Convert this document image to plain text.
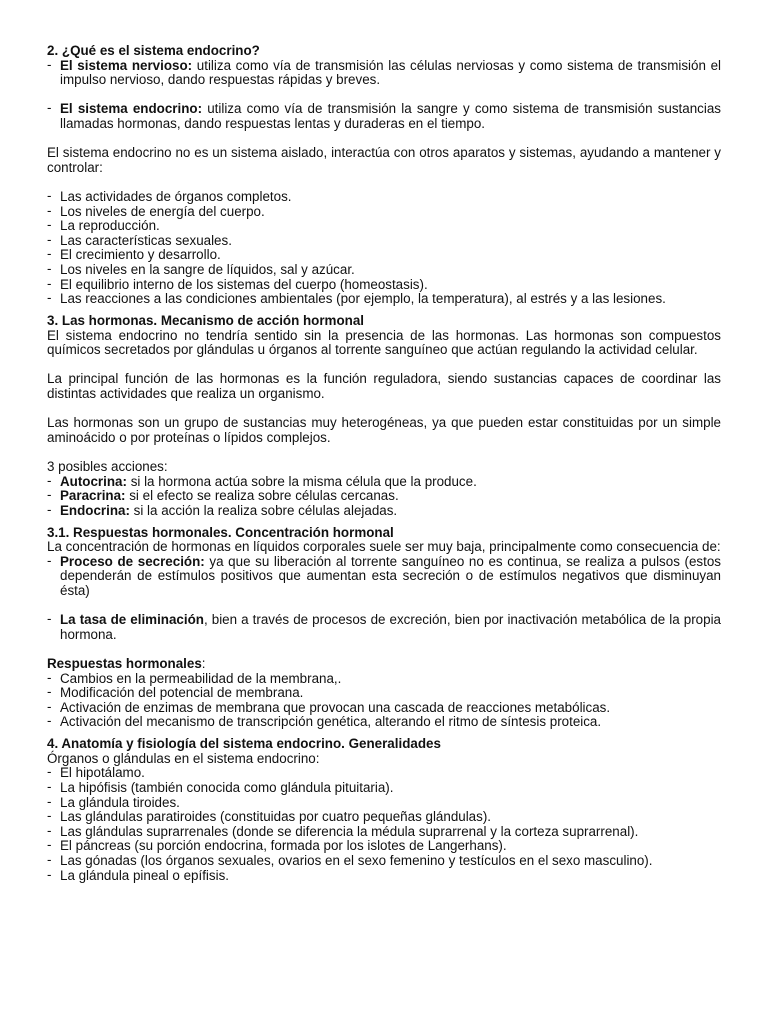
2. ¿Qué es el sistema endocrino?

- El sistema nervioso: utiliza como vía de transmisión las células nerviosas y como sistema de transmisión el impulso nervioso, dando respuestas rápidas y breves.
- El sistema endocrino: utiliza como vía de transmisión la sangre y como sistema de transmisión sustancias llamadas hormonas, dando respuestas lentas y duraderas en el tiempo.

El sistema endocrino no es un sistema aislado, interactúa con otros aparatos y sistemas, ayudando a mantener y controlar:

- Las actividades de órganos completos.
- Los niveles de energía del cuerpo.
- La reproducción.
- Las características sexuales.
- El crecimiento y desarrollo.
- Los niveles en la sangre de líquidos, sal y azúcar.
- El equilibrio interno de los sistemas del cuerpo (homeostasis).
- Las reacciones a las condiciones ambientales (por ejemplo, la temperatura), al estrés y a las lesiones.

3. Las hormonas. Mecanismo de acción hormonal

El sistema endocrino no tendría sentido sin la presencia de las hormonas. Las hormonas son compuestos químicos secretados por glándulas u órganos al torrente sanguíneo que actúan regulando la actividad celular.

La principal función de las hormonas es la función reguladora, siendo sustancias capaces de coordinar las distintas actividades que realiza un organismo.

Las hormonas son un grupo de sustancias muy heterogéneas, ya que pueden estar constituidas por un simple aminoácido o por proteínas o lípidos complejos.

3 posibles acciones:

- Autocrina: si la hormona actúa sobre la misma célula que la produce.
- Paracrina: si el efecto se realiza sobre células cercanas.
- Endocrina: si la acción la realiza sobre células alejadas.

3.1. Respuestas hormonales. Concentración hormonal

La concentración de hormonas en líquidos corporales suele ser muy baja, principalmente como consecuencia de:

- Proceso de secreción: ya que su liberación al torrente sanguíneo no es continua, se realiza a pulsos (estos dependerán de estímulos positivos que aumentan esta secreción o de estímulos negativos que disminuyan ésta)
- La tasa de eliminación, bien a través de procesos de excreción, bien por inactivación metabólica de la propia hormona.

Respuestas hormonales:

- Cambios en la permeabilidad de la membrana,.
- Modificación del potencial de membrana.
- Activación de enzimas de membrana que provocan una cascada de reacciones metabólicas.
- Activación del mecanismo de transcripción genética, alterando el ritmo de síntesis proteica.

4. Anatomía y fisiología del sistema endocrino. Generalidades

Órganos o glándulas en el sistema endocrino:

- El hipotálamo.
- La hipófisis (también conocida como glándula pituitaria).
- La glándula tiroides.
- Las glándulas paratiroides (constituidas por cuatro pequeñas glándulas).
- Las glándulas suprarrenales (donde se diferencia la médula suprarrenal y la corteza suprarrenal).
- El páncreas (su porción endocrina, formada por los islotes de Langerhans).
- Las gónadas (los órganos sexuales, ovarios en el sexo femenino y testículos en el sexo masculino).
- La glándula pineal o epífisis.
